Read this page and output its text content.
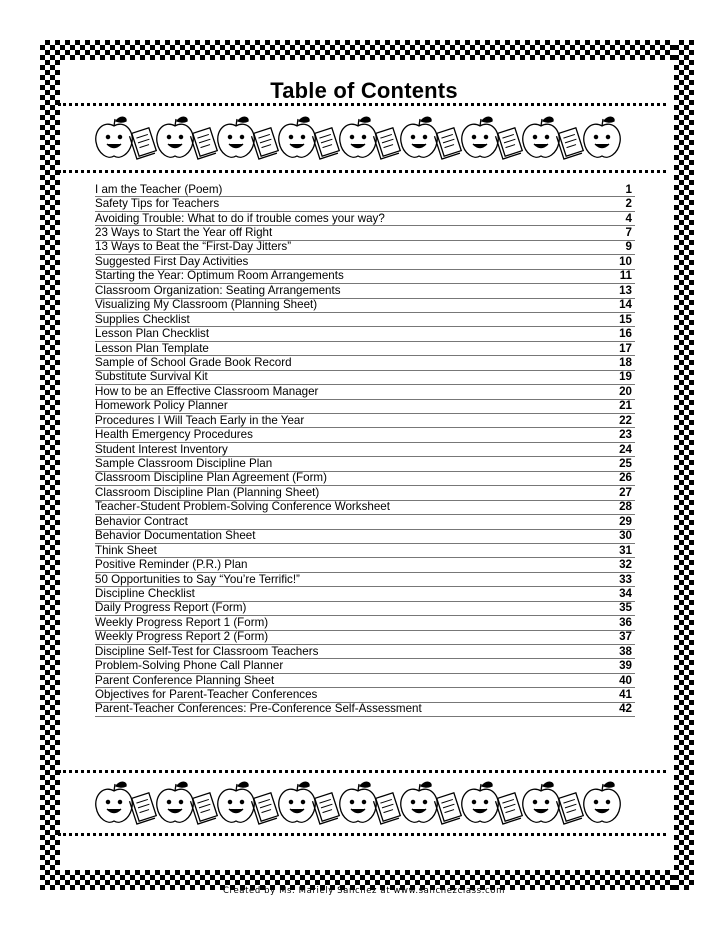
Table of Contents
I am the Teacher (Poem)	1
Safety Tips for Teachers	2
Avoiding Trouble: What to do if trouble comes your way?	4
23 Ways to Start the Year off Right	7
13 Ways to Beat the “First-Day Jitters”	9
Suggested First Day Activities	10
Starting the Year: Optimum Room Arrangements	11
Classroom Organization: Seating Arrangements	13
Visualizing My Classroom (Planning Sheet)	14
Supplies Checklist	15
Lesson Plan Checklist	16
Lesson Plan Template	17
Sample of School Grade Book Record	18
Substitute Survival Kit	19
How to be an Effective Classroom Manager	20
Homework Policy Planner	21
Procedures I Will Teach Early in the Year	22
Health Emergency Procedures	23
Student Interest Inventory	24
Sample Classroom Discipline Plan	25
Classroom Discipline Plan Agreement (Form)	26
Classroom Discipline Plan (Planning Sheet)	27
Teacher-Student Problem-Solving Conference Worksheet	28
Behavior Contract	29
Behavior Documentation Sheet	30
Think Sheet	31
Positive Reminder (P.R.) Plan	32
50 Opportunities to Say “You’re Terrific!”	33
Discipline Checklist	34
Daily Progress Report (Form)	35
Weekly Progress Report 1 (Form)	36
Weekly Progress Report 2 (Form)	37
Discipline Self-Test for Classroom Teachers	38
Problem-Solving Phone Call Planner	39
Parent Conference Planning Sheet	40
Objectives for Parent-Teacher Conferences	41
Parent-Teacher Conferences: Pre-Conference Self-Assessment	42
Created by Ms. Mariely Sanchez at www.sanchezclass.com
